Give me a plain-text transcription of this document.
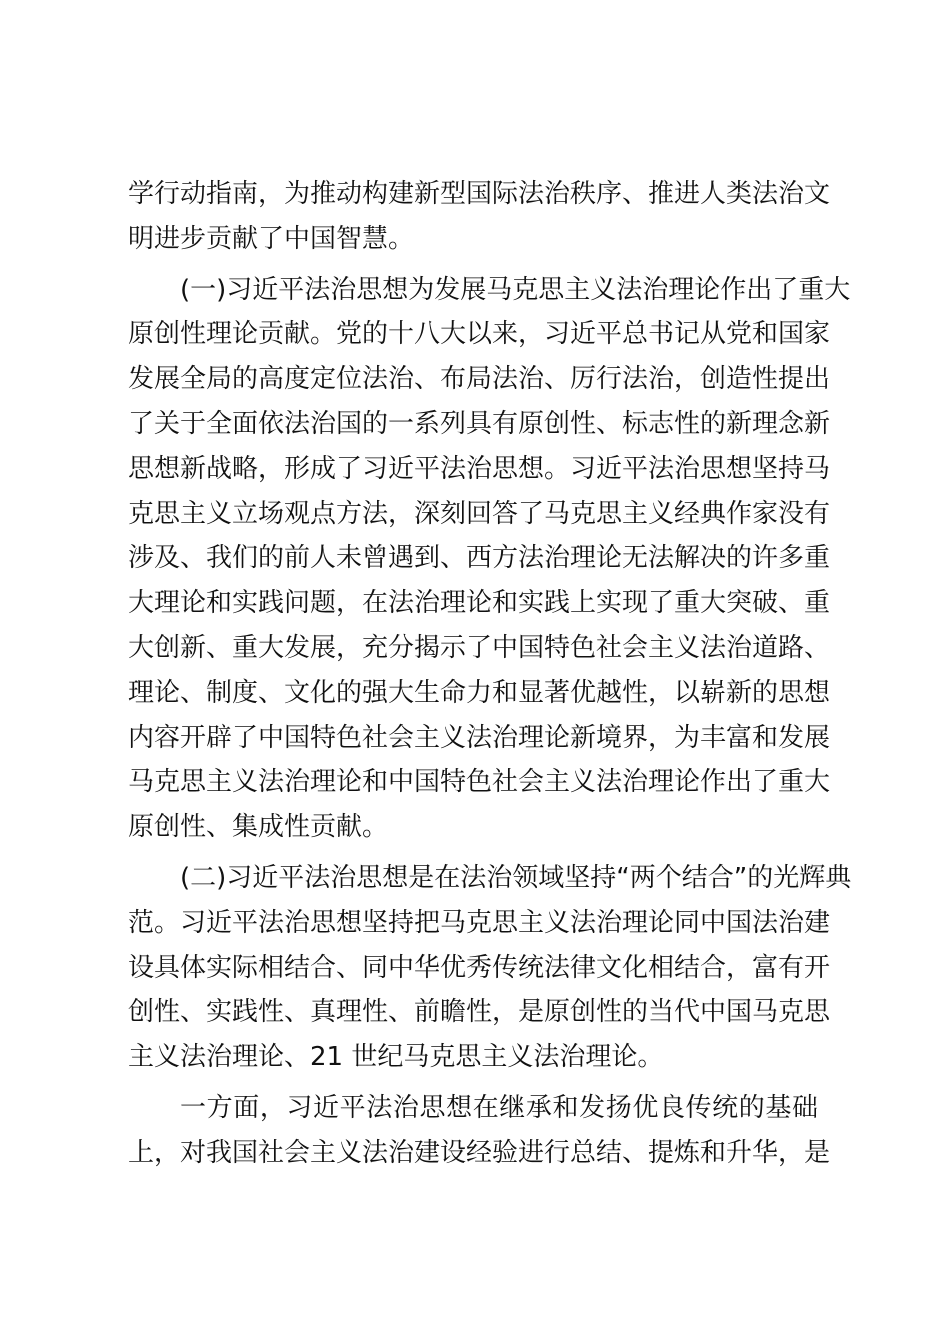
学行动指南，为推动构建新型国际法治秩序、推进人类法治文
明进步贡献了中国智慧。
(一)习近平法治思想为发展马克思主义法治理论作出了重大
原创性理论贡献。党的十八大以来，习近平总书记从党和国家
发展全局的高度定位法治、布局法治、厉行法治，创造性提出
了关于全面依法治国的一系列具有原创性、标志性的新理念新
思想新战略，形成了习近平法治思想。习近平法治思想坚持马
克思主义立场观点方法，深刻回答了马克思主义经典作家没有
涉及、我们的前人未曾遇到、西方法治理论无法解决的许多重
大理论和实践问题，在法治理论和实践上实现了重大突破、重
大创新、重大发展，充分揭示了中国特色社会主义法治道路、
理论、制度、文化的强大生命力和显著优越性，以崭新的思想
内容开辟了中国特色社会主义法治理论新境界，为丰富和发展
马克思主义法治理论和中国特色社会主义法治理论作出了重大
原创性、集成性贡献。
(二)习近平法治思想是在法治领域坚持“两个结合”的光辉典
范。习近平法治思想坚持把马克思主义法治理论同中国法治建
设具体实际相结合、同中华优秀传统法律文化相结合，富有开
创性、实践性、真理性、前瞻性，是原创性的当代中国马克思
主义法治理论、21 世纪马克思主义法治理论。
一方面，习近平法治思想在继承和发扬优良传统的基础
上，对我国社会主义法治建设经验进行总结、提炼和升华，是
